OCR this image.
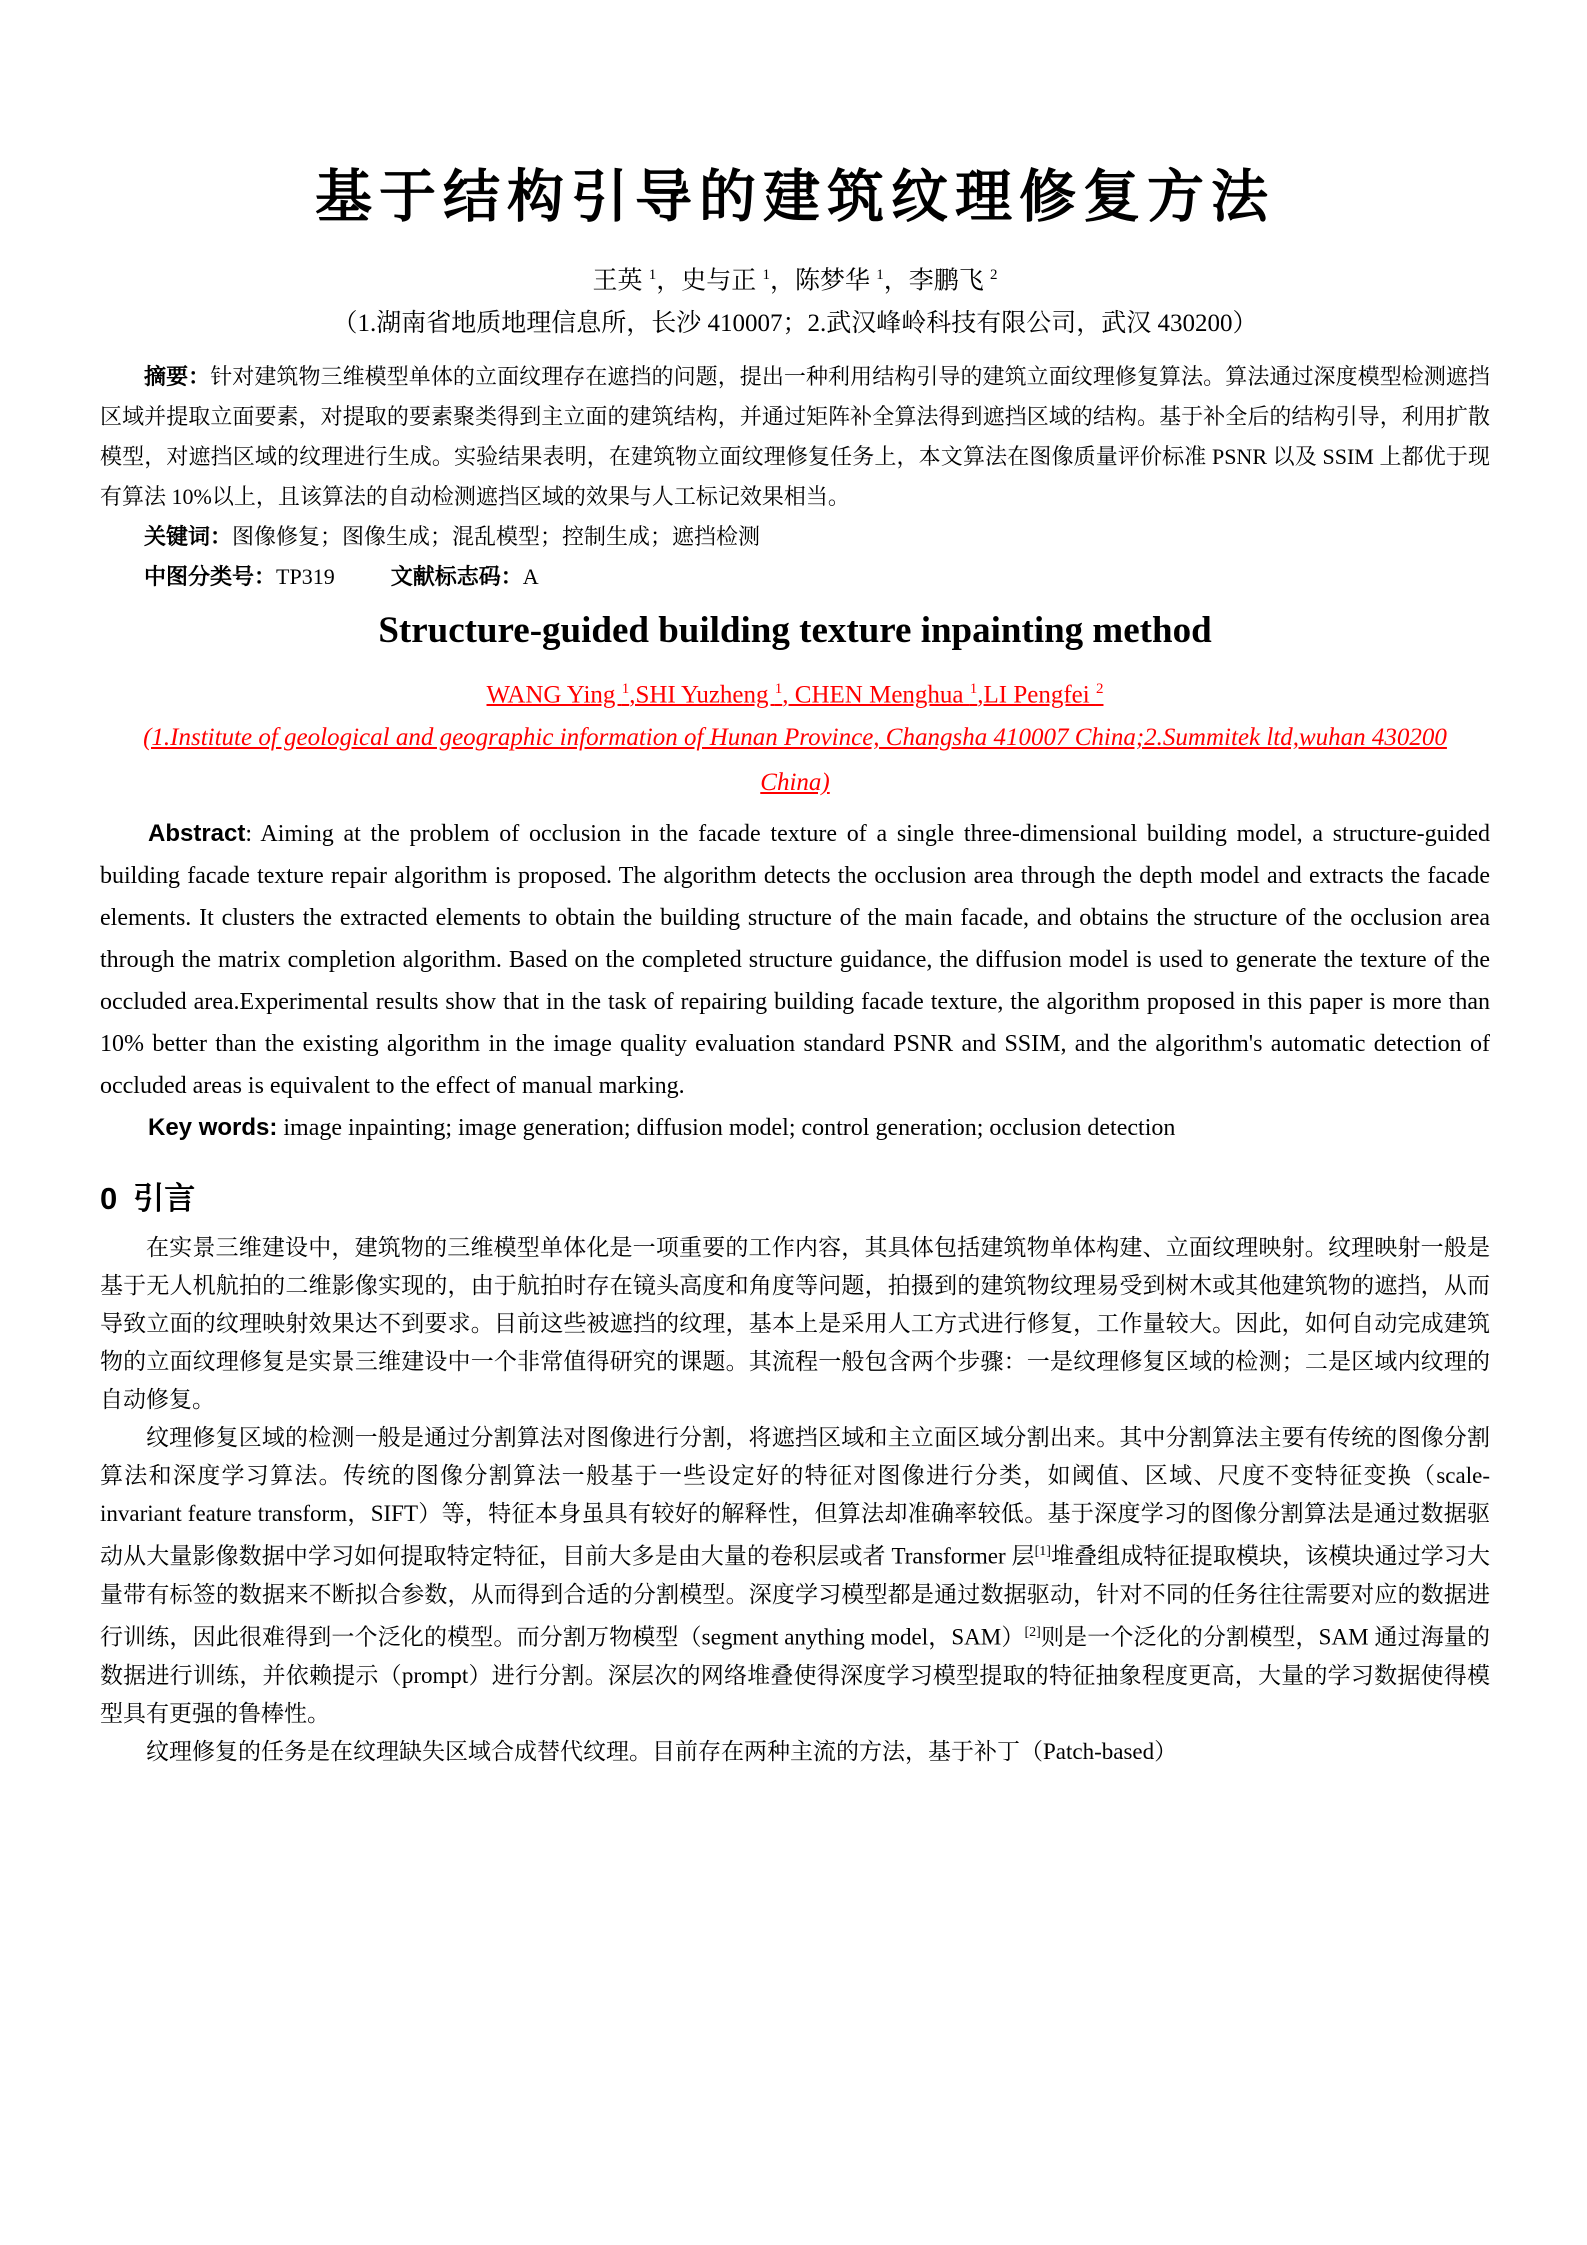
基于结构引导的建筑纹理修复方法
王英 $^1$，史与正 $^1$，陈梦华 $^1$，李鹏飞 $^2$
（1.湖南省地质地理信息所，长沙 410007；2.武汉峰岭科技有限公司，武汉 430200）

摘要：针对建筑物三维模型单体的立面纹理存在遮挡的问题，提出一种利用结构引导的建筑立面纹理修复算法。算法通过深度模型检测遮挡区域并提取立面要素，对提取的要素聚类得到主立面的建筑结构，并通过矩阵补全算法得到遮挡区域的结构。基于补全后的结构引导，利用扩散模型，对遮挡区域的纹理进行生成。实验结果表明，在建筑物立面纹理修复任务上，本文算法在图像质量评价标准 PSNR 以及 SSIM 上都优于现有算法 10%以上，且该算法的自动检测遮挡区域的效果与人工标记效果相当。

关键词：图像修复；图像生成；混乱模型；控制生成；遮挡检测

中图分类号：TP319	文献标志码：A

Structure-guided building texture inpainting method
WANG Ying $^1$,SHI Yuzheng $^1$, CHEN Menghua $^1$,LI Pengfei $^2$
(1.Institute of geological and geographic information of Hunan Province, Changsha 410007 China;2.Summitek ltd,wuhan 430200 China)

Abstract: Aiming at the problem of occlusion in the facade texture of a single three-dimensional building model, a structure-guided building facade texture repair algorithm is proposed. The algorithm detects the occlusion area through the depth model and extracts the facade elements. It clusters the extracted elements to obtain the building structure of the main facade, and obtains the structure of the occlusion area through the matrix completion algorithm. Based on the completed structure guidance, the diffusion model is used to generate the texture of the occluded area.Experimental results show that in the task of repairing building facade texture, the algorithm proposed in this paper is more than 10% better than the existing algorithm in the image quality evaluation standard PSNR and SSIM, and the algorithm's automatic detection of occluded areas is equivalent to the effect of manual marking.

Key words: image inpainting; image generation; diffusion model; control generation; occlusion detection

0 引言

在实景三维建设中，建筑物的三维模型单体化是一项重要的工作内容，其具体包括建筑物单体构建、立面纹理映射。纹理映射一般是基于无人机航拍的二维影像实现的，由于航拍时存在镜头高度和角度等问题，拍摄到的建筑物纹理易受到树木或其他建筑物的遮挡，从而导致立面的纹理映射效果达不到要求。目前这些被遮挡的纹理，基本上是采用人工方式进行修复，工作量较大。因此，如何自动完成建筑物的立面纹理修复是实景三维建设中一个非常值得研究的课题。其流程一般包含两个步骤：一是纹理修复区域的检测；二是区域内纹理的自动修复。

纹理修复区域的检测一般是通过分割算法对图像进行分割，将遮挡区域和主立面区域分割出来。其中分割算法主要有传统的图像分割算法和深度学习算法。传统的图像分割算法一般基于一些设定好的特征对图像进行分类，如阈值、区域、尺度不变特征变换（scale-invariant feature transform，SIFT）等，特征本身虽具有较好的解释性，但算法却准确率较低。基于深度学习的图像分割算法是通过数据驱动从大量影像数据中学习如何提取特定特征，目前大多是由大量的卷积层或者 Transformer 层[1]堆叠组成特征提取模块，该模块通过学习大量带有标签的数据来不断拟合参数，从而得到合适的分割模型。深度学习模型都是通过数据驱动，针对不同的任务往往需要对应的数据进行训练，因此很难得到一个泛化的模型。而分割万物模型（segment anything model，SAM）[2]则是一个泛化的分割模型，SAM 通过海量的数据进行训练，并依赖提示（prompt）进行分割。深层次的网络堆叠使得深度学习模型提取的特征抽象程度更高，大量的学习数据使得模型具有更强的鲁棒性。

纹理修复的任务是在纹理缺失区域合成替代纹理。目前存在两种主流的方法，基于补丁（Patch-based）
